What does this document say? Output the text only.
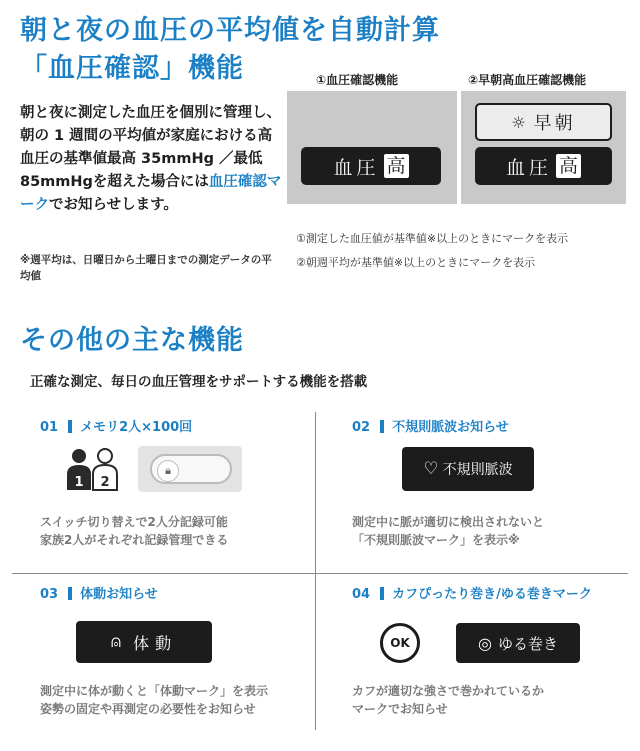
朝と夜の血圧の平均値を自動計算
「血圧確認」機能
朝と夜に測定した血圧を個別に管理し、朝の 1 週間の平均値が家庭における高血圧の基準値最高 35mmHg ／最低 85mmHgを超えた場合には血圧確認マークでお知らせします。
※週平均は、日曜日から土曜日までの測定データの平均値
①血圧確認機能	②早朝高血圧確認機能
血圧 高
☼ 早朝
血圧 高
①測定した血圧値が基準値※以上のときにマークを表示
②朝週平均が基準値※以上のときにマークを表示
その他の主な機能
正確な測定、毎日の血圧管理をサポートする機能を搭載
01 メモリ2人×100回
1 2
🔒︎
スイッチ切り替えで2人分記録可能
家族2人がそれぞれ記録管理できる
02 不規則脈波お知らせ
♡ 不規則脈波
測定中に脈が適切に検出されないと
「不規則脈波マーク」を表示※
03 体動お知らせ
⍝ 体動
測定中に体が動くと「体動マーク」を表示
姿勢の固定や再測定の必要性をお知らせ
04 カフぴったり巻き/ゆる巻きマーク
OK	◎ ゆる巻き
カフが適切な強さで巻かれているか
マークでお知らせ
